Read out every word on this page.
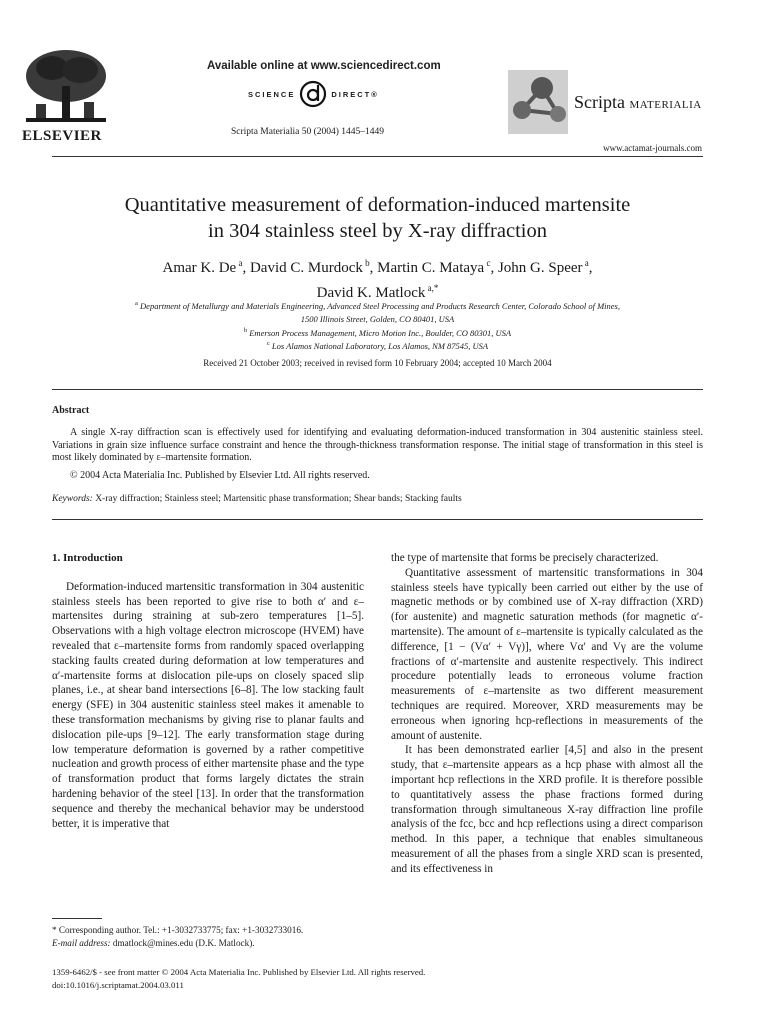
ELSEVIER
Available online at www.sciencedirect.com
SCIENCE	DIRECT®
Scripta Materialia 50 (2004) 1445–1449
Scripta MATERIALIA
www.actamat-journals.com
Quantitative measurement of deformation-induced martensite
in 304 stainless steel by X-ray diffraction
Amar K. De $^a$, David C. Murdock $^b$, Martin C. Mataya $^c$, John G. Speer $^a$,
David K. Matlock $^{a,*}$
$^a$ Department of Metallurgy and Materials Engineering, Advanced Steel Processing and Products Research Center, Colorado School of Mines,
1500 Illinois Street, Golden, CO 80401, USA
$^b$ Emerson Process Management, Micro Motion Inc., Boulder, CO 80301, USA
$^c$ Los Alamos National Laboratory, Los Alamos, NM 87545, USA
Received 21 October 2003; received in revised form 10 February 2004; accepted 10 March 2004
Abstract
A single X-ray diffraction scan is effectively used for identifying and evaluating deformation-induced transformation in 304 austenitic stainless steel. Variations in grain size influence surface constraint and hence the through-thickness transformation response. The initial stage of transformation in this steel is most likely dominated by ε–martensite formation.
© 2004 Acta Materialia Inc. Published by Elsevier Ltd. All rights reserved.
Keywords: X-ray diffraction; Stainless steel; Martensitic phase transformation; Shear bands; Stacking faults
1. Introduction

Deformation-induced martensitic transformation in 304 austenitic stainless steels has been reported to give rise to both α′ and ε–martensites during straining at sub-zero temperatures [1–5]. Observations with a high voltage electron microscope (HVEM) have revealed that ε–martensite forms from randomly spaced overlapping stacking faults created during deformation at low temperatures and α′-martensite forms at dislocation pile-ups on closely spaced slip planes, i.e., at shear band intersections [6–8]. The low stacking fault energy (SFE) in 304 austenitic stainless steel makes it amenable to these transformation mechanisms by giving rise to planar faults and dislocation pile-ups [9–12]. The early transformation stage during low temperature deformation is governed by a rather competitive nucleation and growth process of either martensite phase and the type of transformation product that forms largely dictates the strain hardening behavior of the steel [13]. In order that the transformation sequence and thereby the mechanical behavior may be understood better, it is imperative that

the type of martensite that forms be precisely characterized.

Quantitative assessment of martensitic transformations in 304 stainless steels have typically been carried out either by the use of magnetic methods or by combined use of X-ray diffraction (XRD) (for austenite) and magnetic saturation methods (for magnetic α′-martensite). The amount of ε–martensite is typically calculated as the difference, [1 − (Vα′ + Vγ)], where Vα′ and Vγ are the volume fractions of α′-martensite and austenite respectively. This indirect procedure potentially leads to erroneous volume fraction measurements of ε–martensite as two different measurement techniques are required. Moreover, XRD measurements may be erroneous when ignoring hcp-reflections in measurements of the amount of austenite.

It has been demonstrated earlier [4,5] and also in the present study, that ε–martensite appears as a hcp phase with almost all the important hcp reflections in the XRD profile. It is therefore possible to quantitatively assess the phase fractions formed during transformation through simultaneous X-ray diffraction line profile analysis of the fcc, bcc and hcp reflections using a direct comparison method. In this paper, a technique that enables simultaneous measurement of all the phases from a single XRD scan is presented, and its effectiveness in

* Corresponding author. Tel.: +1-3032733775; fax: +1-3032733016.
E-mail address: dmatlock@mines.edu (D.K. Matlock).
1359-6462/$ - see front matter © 2004 Acta Materialia Inc. Published by Elsevier Ltd. All rights reserved.
doi:10.1016/j.scriptamat.2004.03.011
